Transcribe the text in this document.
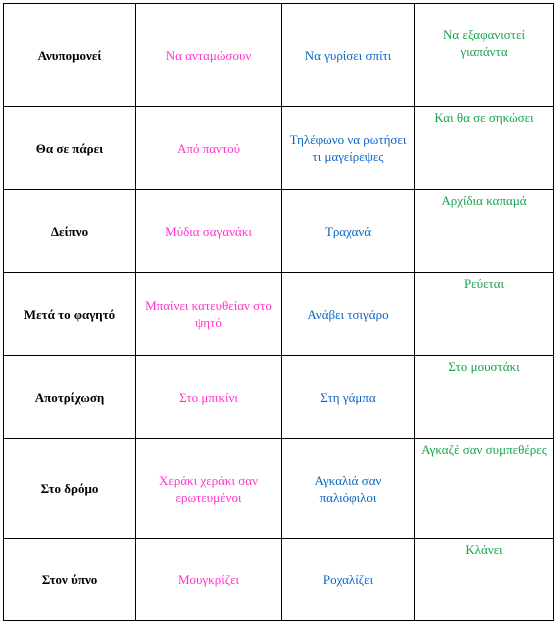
Ανυπομονεί	Να ανταμώσουν	Να γυρίσει σπίτι	Να εξαφανιστεί γιαπάντα
Θα σε πάρει	Από παντού	Τηλέφωνο να ρωτήσει τι μαγείρεψες	Και θα σε σηκώσει
Δείπνο	Μύδια σαγανάκι	Τραχανά	Αρχίδια καπαμά
Μετά το φαγητό	Μπαίνει κατευθείαν στο ψητό	Ανάβει τσιγάρο	Ρεύεται
Αποτρίχωση	Στο μπικίνι	Στη γάμπα	Στο μουστάκι
Στο δρόμο	Χεράκι χεράκι σαν ερωτευμένοι	Αγκαλιά σαν παλιόφιλοι	Αγκαζέ σαν συμπεθέρες
Στον ύπνο	Μουγκρίζει	Ροχαλίζει	Κλάνει
